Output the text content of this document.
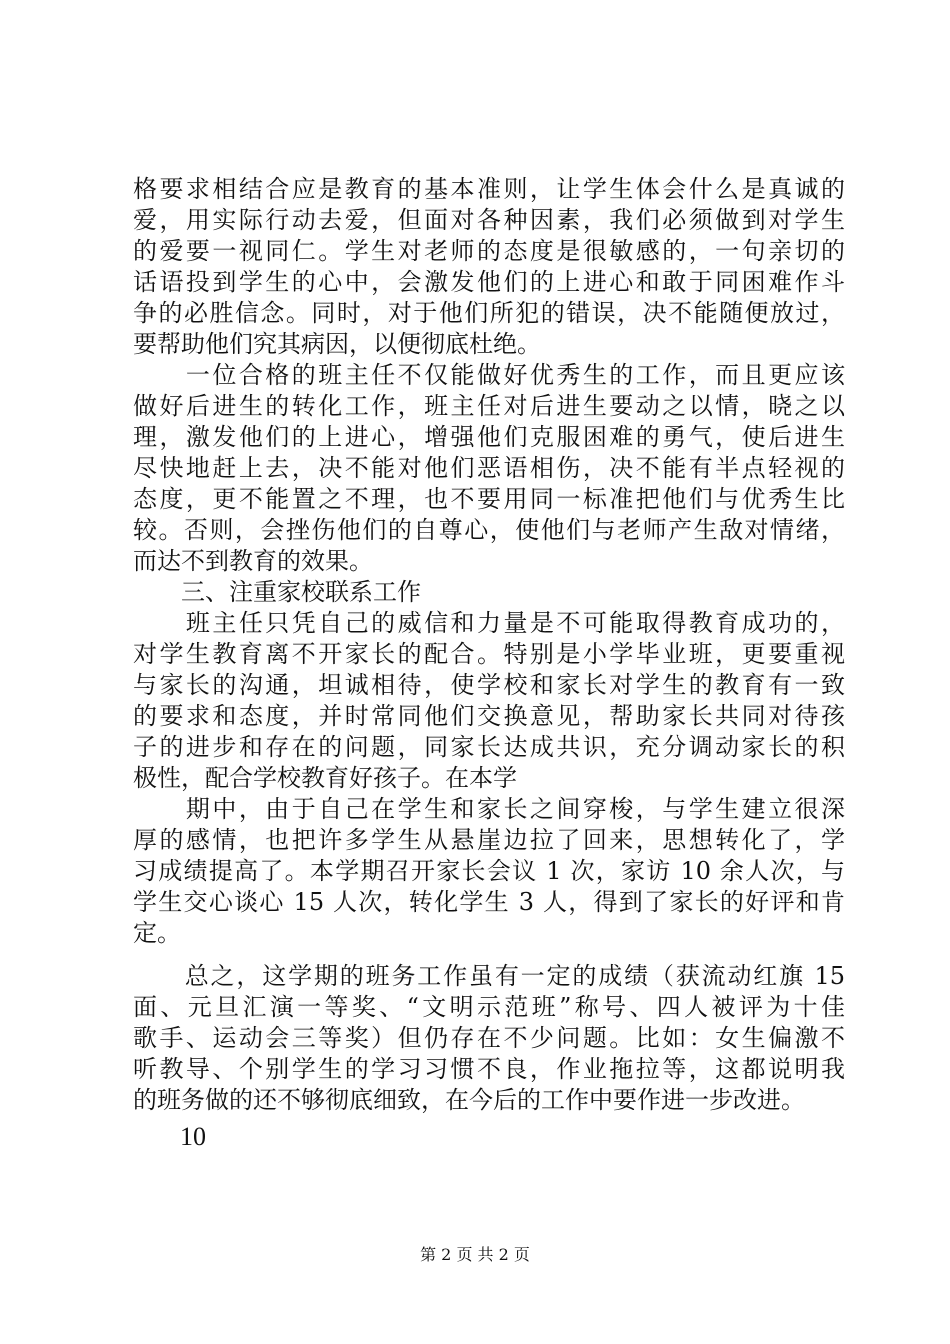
格要求相结合应是教育的基本准则，让学生体会什么是真诚的
爱，用实际行动去爱，但面对各种因素，我们必须做到对学生
的爱要一视同仁。学生对老师的态度是很敏感的，一句亲切的
话语投到学生的心中，会激发他们的上进心和敢于同困难作斗
争的必胜信念。同时，对于他们所犯的错误，决不能随便放过，
要帮助他们究其病因，以便彻底杜绝。
　　一位合格的班主任不仅能做好优秀生的工作，而且更应该
做好后进生的转化工作，班主任对后进生要动之以情，晓之以
理，激发他们的上进心，增强他们克服困难的勇气，使后进生
尽快地赶上去，决不能对他们恶语相伤，决不能有半点轻视的
态度，更不能置之不理，也不要用同一标准把他们与优秀生比
较。否则，会挫伤他们的自尊心，使他们与老师产生敌对情绪，
而达不到教育的效果。
　　三、注重家校联系工作
　　班主任只凭自己的威信和力量是不可能取得教育成功的，
对学生教育离不开家长的配合。特别是小学毕业班，更要重视
与家长的沟通，坦诚相待，使学校和家长对学生的教育有一致
的要求和态度，并时常同他们交换意见，帮助家长共同对待孩
子的进步和存在的问题，同家长达成共识，充分调动家长的积
极性，配合学校教育好孩子。在本学
　　期中，由于自己在学生和家长之间穿梭，与学生建立很深
厚的感情，也把许多学生从悬崖边拉了回来，思想转化了，学
习成绩提高了。本学期召开家长会议 1 次，家访 10 余人次，与
学生交心谈心 15 人次，转化学生 3 人，得到了家长的好评和肯
定。
　　总之，这学期的班务工作虽有一定的成绩（获流动红旗 15
面、元旦汇演一等奖、“文明示范班”称号、四人被评为十佳
歌手、运动会三等奖）但仍存在不少问题。比如：女生偏激不
听教导、个别学生的学习习惯不良，作业拖拉等，这都说明我
的班务做的还不够彻底细致，在今后的工作中要作进一步改进。
10
第 2 页 共 2 页
